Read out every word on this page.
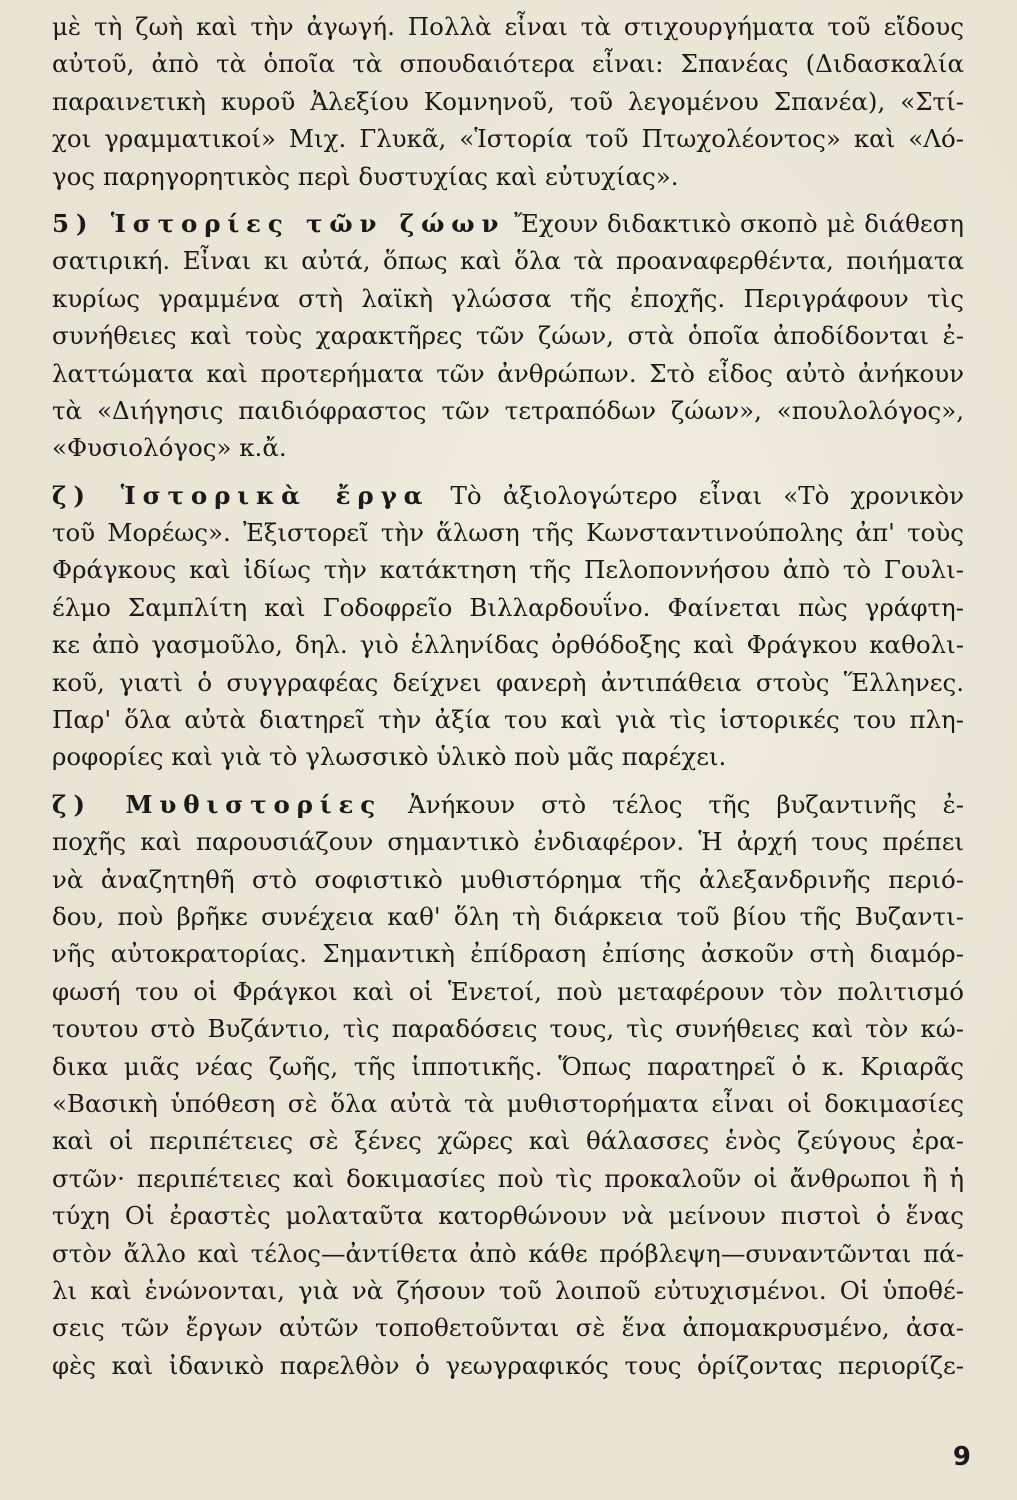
μὲ τὴ ζωὴ καὶ τὴν ἀγωγή. Πολλὰ εἶναι τὰ στιχουργήματα τοῦ εἴδους
αὐτοῦ, ἀπὸ τὰ ὁποῖα τὰ σπουδαιότερα εἶναι: Σπανέας (Διδασκαλία
παραινετικὴ κυροῦ Ἀλεξίου Κομνηνοῦ, τοῦ λεγομένου Σπανέα), «Στί-
χοι γραμματικοί» Μιχ. Γλυκᾶ, «Ἱστορία τοῦ Πτωχολέοντος» καὶ «Λό-
γος παρηγορητικὸς περὶ δυστυχίας καὶ εὐτυχίας».
5) Ἱστορίες τῶν ζώων Ἔχουν διδακτικὸ σκοπὸ μὲ διάθεση
σατιρική. Εἶναι κι αὐτά, ὅπως καὶ ὅλα τὰ προαναφερθέντα, ποιήματα
κυρίως γραμμένα στὴ λαϊκὴ γλώσσα τῆς ἐποχῆς. Περιγράφουν τὶς
συνήθειες καὶ τοὺς χαρακτῆρες τῶν ζώων, στὰ ὁποῖα ἀποδίδονται ἐ-
λαττώματα καὶ προτερήματα τῶν ἀνθρώπων. Στὸ εἶδος αὐτὸ ἀνήκουν
τὰ «Διήγησις παιδιόφραστος τῶν τετραπόδων ζώων», «πουλολόγος»,
«Φυσιολόγος» κ.ἄ.
ζ) Ἱστορικὰ ἔργα Τὸ ἀξιολογώτερο εἶναι «Τὸ χρονικὸν
τοῦ Μορέως». Ἐξιστορεῖ τὴν ἅλωση τῆς Κωνσταντινούπολης ἀπ' τοὺς
Φράγκους καὶ ἰδίως τὴν κατάκτηση τῆς Πελοποννήσου ἀπὸ τὸ Γουλι-
έλμο Σαμπλίτη καὶ Γοδοφρεῖο Βιλλαρδουΐνο. Φαίνεται πὼς γράφτη-
κε ἀπὸ γασμοῦλο, δηλ. γιὸ ἑλληνίδας ὀρθόδοξης καὶ Φράγκου καθολι-
κοῦ, γιατὶ ὁ συγγραφέας δείχνει φανερὴ ἀντιπάθεια στοὺς Ἕλληνες.
Παρ' ὅλα αὐτὰ διατηρεῖ τὴν ἀξία του καὶ γιὰ τὶς ἱστορικές του πλη-
ροφορίες καὶ γιὰ τὸ γλωσσικὸ ὑλικὸ ποὺ μᾶς παρέχει.
ζ) Μυθιστορίες Ἀνήκουν στὸ τέλος τῆς βυζαντινῆς ἐ-
ποχῆς καὶ παρουσιάζουν σημαντικὸ ἐνδιαφέρον. Ἡ ἀρχή τους πρέπει
νὰ ἀναζητηθῆ στὸ σοφιστικὸ μυθιστόρημα τῆς ἀλεξανδρινῆς περιό-
δου, ποὺ βρῆκε συνέχεια καθ' ὅλη τὴ διάρκεια τοῦ βίου τῆς Βυζαντι-
νῆς αὐτοκρατορίας. Σημαντικὴ ἐπίδραση ἐπίσης ἀσκοῦν στὴ διαμόρ-
φωσή του οἱ Φράγκοι καὶ οἱ Ἑνετοί, ποὺ μεταφέρουν τὸν πολιτισμό
τουτου στὸ Βυζάντιο, τὶς παραδόσεις τους, τὶς συνήθειες καὶ τὸν κώ-
δικα μιᾶς νέας ζωῆς, τῆς ἱπποτικῆς. Ὅπως παρατηρεῖ ὁ κ. Κριαρᾶς
«Βασικὴ ὑπόθεση σὲ ὅλα αὐτὰ τὰ μυθιστορήματα εἶναι οἱ δοκιμασίες
καὶ οἱ περιπέτειες σὲ ξένες χῶρες καὶ θάλασσες ἑνὸς ζεύγους ἐρα-
στῶν· περιπέτειες καὶ δοκιμασίες ποὺ τὶς προκαλοῦν οἱ ἄνθρωποι ἢ ἡ
τύχη Οἱ ἐραστὲς μολαταῦτα κατορθώνουν νὰ μείνουν πιστοὶ ὁ ἕνας
στὸν ἄλλο καὶ τέλος—ἀντίθετα ἀπὸ κάθε πρόβλεψη—συναντῶνται πά-
λι καὶ ἑνώνονται, γιὰ νὰ ζήσουν τοῦ λοιποῦ εὐτυχισμένοι. Οἱ ὑποθέ-
σεις τῶν ἔργων αὐτῶν τοποθετοῦνται σὲ ἕνα ἀπομακρυσμένο, ἀσα-
φὲς καὶ ἰδανικὸ παρελθὸν ὁ γεωγραφικός τους ὁρίζοντας περιορίζε-
9
